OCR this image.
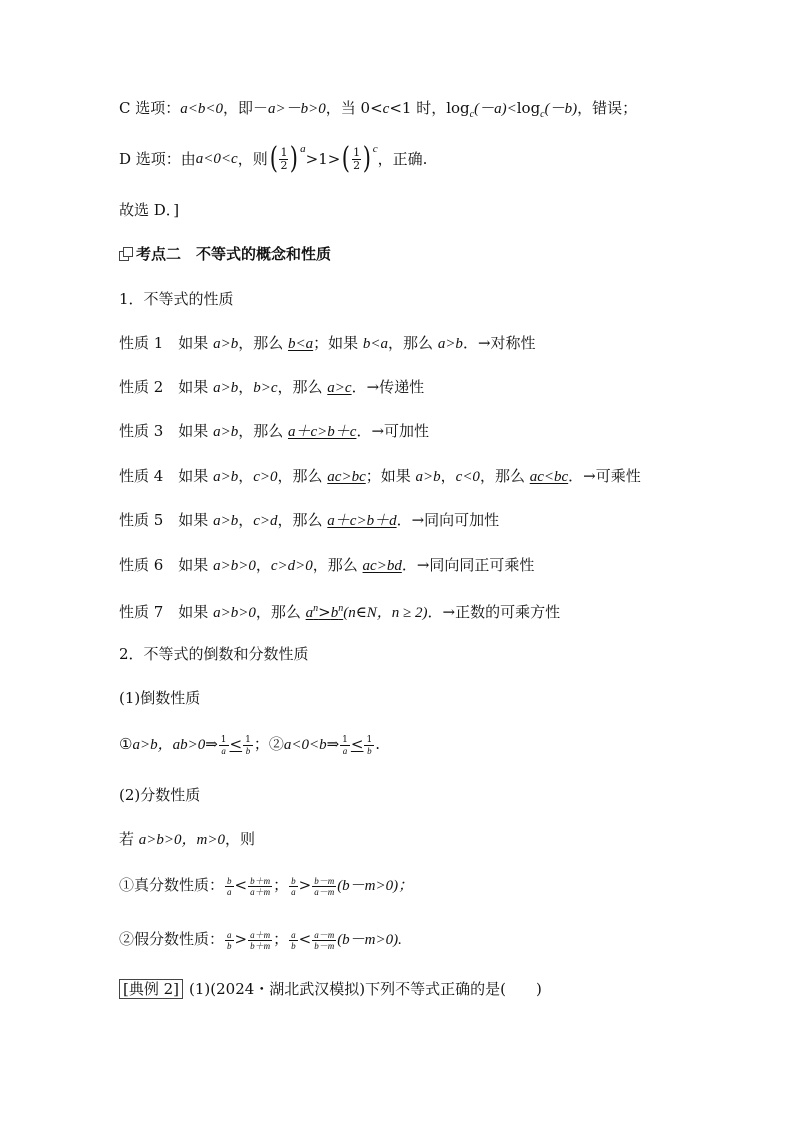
C 选项：a<b<0，即－a>－b>0，当 0<c<1 时，$\log_c(-a)<\log_c(-b)$，错误；
D 选项：由 a<0<c ，则 ( 1
2 ) a
>1> ( 1
2 ) c
，正确.
故选 D．]
考点二　不等式的概念和性质
1．不等式的性质
性质 1　如果 a>b，那么 b<a；如果 b<a，那么 a>b．→对称性
性质 2　如果 a>b，b>c，那么 a>c．→传递性
性质 3　如果 a>b，那么 a＋c>b＋c．→可加性
性质 4　如果 a>b，c>0，那么 ac>bc；如果 a>b，c<0，那么 ac<bc．→可乘性
性质 5　如果 a>b，c>d，那么 a＋c>b＋d．→同向可加性
性质 6　如果 a>b>0，c>d>0，那么 ac>bd．→同向同正可乘性
性质 7　如果 a>b>0，那么 $a^n>b^n(n\in N$，n ≥ 2)．→正数的可乘方性
2．不等式的倒数和分数性质
(1)倒数性质
①a>b，ab>0⇒ $\frac{1}{a} < \frac{1}{b}$ ；②a<0<b⇒ $\frac{1}{a} < \frac{1}{b}$ .
(2)分数性质
若 a>b>0，m>0，则
①真分数性质： $\frac{b}{a} < \frac{b+m}{a+m}$ ； $\frac{b}{a} > \frac{b-m}{a-m} (b-m>0)$；
②假分数性质： $\frac{a}{b} > \frac{a+m}{b+m}$ ； $\frac{a}{b} < \frac{a-m}{b-m} (b-m>0)$.
[典例 2] (1)(2024・湖北武汉模拟)下列不等式正确的是(　　)
